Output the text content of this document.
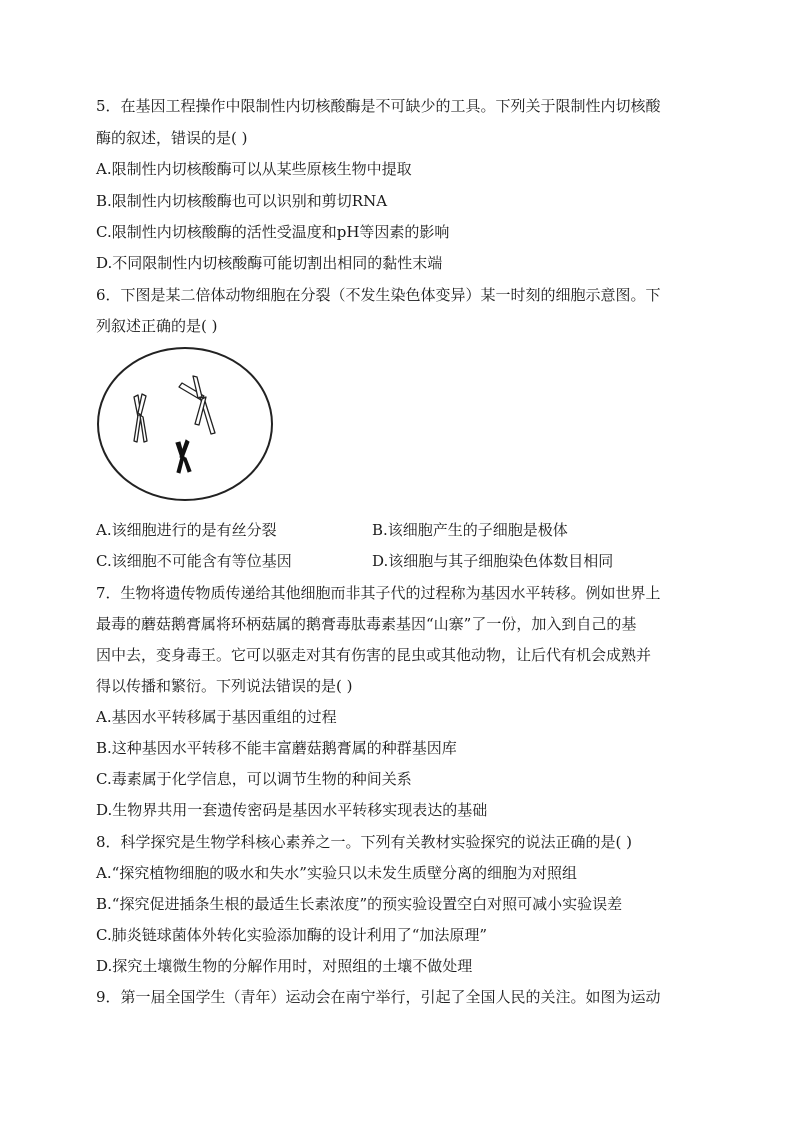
5．在基因工程操作中限制性内切核酸酶是不可缺少的工具。下列关于限制性内切核酸
酶的叙述，错误的是( )
A.限制性内切核酸酶可以从某些原核生物中提取
B.限制性内切核酸酶也可以识别和剪切RNA
C.限制性内切核酸酶的活性受温度和pH等因素的影响
D.不同限制性内切核酸酶可能切割出相同的黏性末端
6．下图是某二倍体动物细胞在分裂（不发生染色体变异）某一时刻的细胞示意图。下
列叙述正确的是( )
A.该细胞进行的是有丝分裂	B.该细胞产生的子细胞是极体
C.该细胞不可能含有等位基因	D.该细胞与其子细胞染色体数目相同
7．生物将遗传物质传递给其他细胞而非其子代的过程称为基因水平转移。例如世界上
最毒的蘑菇鹅膏属将环柄菇属的鹅膏毒肽毒素基因“山寨”了一份，加入到自己的基
因中去，变身毒王。它可以驱走对其有伤害的昆虫或其他动物，让后代有机会成熟并
得以传播和繁衍。下列说法错误的是( )
A.基因水平转移属于基因重组的过程
B.这种基因水平转移不能丰富蘑菇鹅膏属的种群基因库
C.毒素属于化学信息，可以调节生物的种间关系
D.生物界共用一套遗传密码是基因水平转移实现表达的基础
8．科学探究是生物学科核心素养之一。下列有关教材实验探究的说法正确的是( )
A.“探究植物细胞的吸水和失水”实验只以未发生质壁分离的细胞为对照组
B.“探究促进插条生根的最适生长素浓度”的预实验设置空白对照可减小实验误差
C.肺炎链球菌体外转化实验添加酶的设计利用了“加法原理”
D.探究土壤微生物的分解作用时，对照组的土壤不做处理
9．第一届全国学生（青年）运动会在南宁举行，引起了全国人民的关注。如图为运动
